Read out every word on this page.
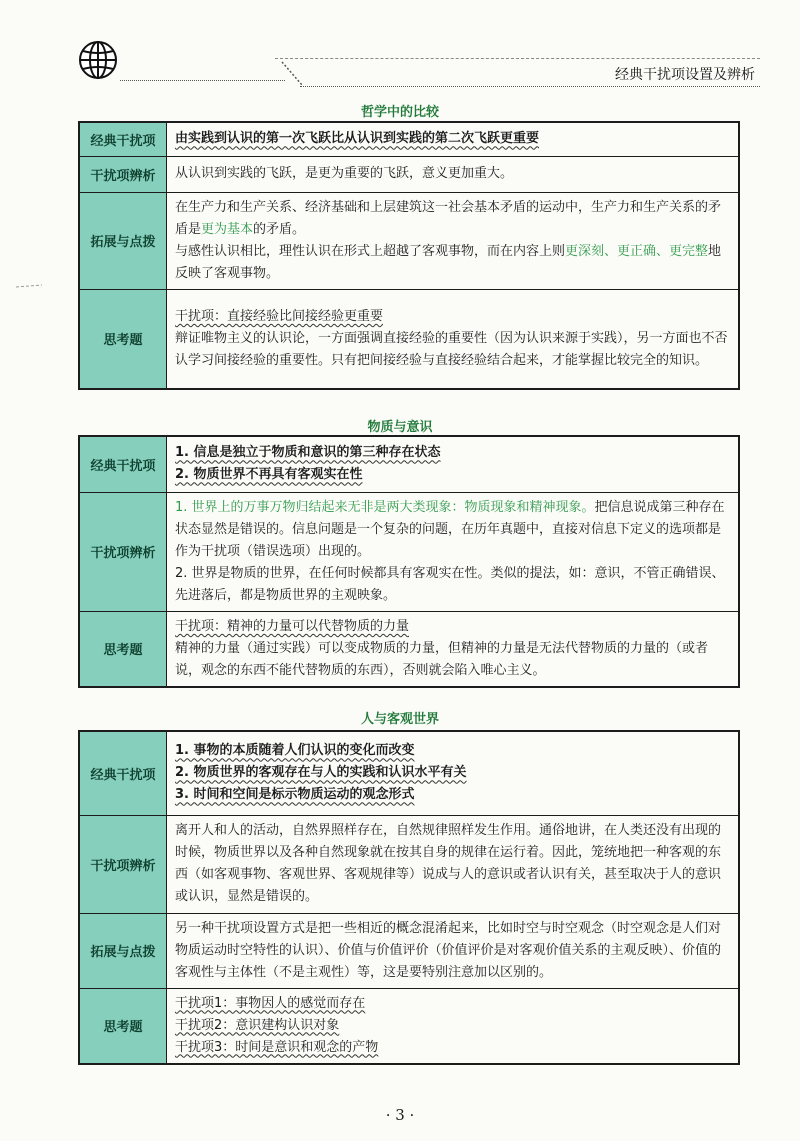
经典干扰项设置及辨析
哲学中的比较
经典干扰项	由实践到认识的第一次飞跃比从认识到实践的第二次飞跃更重要
干扰项辨析	从认识到实践的飞跃，是更为重要的飞跃，意义更加重大。
拓展与点拨	在生产力和生产关系、经济基础和上层建筑这一社会基本矛盾的运动中，生产力和生产关系的矛盾是更为基本的矛盾。
与感性认识相比，理性认识在形式上超越了客观事物，而在内容上则更深刻、更正确、更完整地反映了客观事物。

思考题	干扰项：直接经验比间接经验更重要
辩证唯物主义的认识论，一方面强调直接经验的重要性（因为认识来源于实践），另一方面也不否认学习间接经验的重要性。只有把间接经验与直接经验结合起来，才能掌握比较完全的知识。
物质与意识
经典干扰项	1. 信息是独立于物质和意识的第三种存在状态
2. 物质世界不再具有客观实在性

干扰项辨析	1. 世界上的万事万物归结起来无非是两大类现象：物质现象和精神现象。把信息说成第三种存在状态显然是错误的。信息问题是一个复杂的问题，在历年真题中，直接对信息下定义的选项都是作为干扰项（错误选项）出现的。
2. 世界是物质的世界，在任何时候都具有客观实在性。类似的提法，如：意识，不管正确错误、先进落后，都是物质世界的主观映象。

思考题	干扰项：精神的力量可以代替物质的力量
精神的力量（通过实践）可以变成物质的力量，但精神的力量是无法代替物质的力量的（或者说，观念的东西不能代替物质的东西），否则就会陷入唯心主义。
人与客观世界
经典干扰项	1. 事物的本质随着人们认识的变化而改变
2. 物质世界的客观存在与人的实践和认识水平有关
3. 时间和空间是标示物质运动的观念形式

干扰项辨析	离开人和人的活动，自然界照样存在，自然规律照样发生作用。通俗地讲，在人类还没有出现的时候，物质世界以及各种自然现象就在按其自身的规律在运行着。因此，笼统地把一种客观的东西（如客观事物、客观世界、客观规律等）说成与人的意识或者认识有关，甚至取决于人的意识或认识，显然是错误的。
拓展与点拨	另一种干扰项设置方式是把一些相近的概念混淆起来，比如时空与时空观念（时空观念是人们对物质运动时空特性的认识）、价值与价值评价（价值评价是对客观价值关系的主观反映）、价值的客观性与主体性（不是主观性）等，这是要特别注意加以区别的。
思考题	干扰项1：事物因人的感觉而存在
干扰项2：意识建构认识对象
干扰项3：时间是意识和观念的产物
· 3 ·
